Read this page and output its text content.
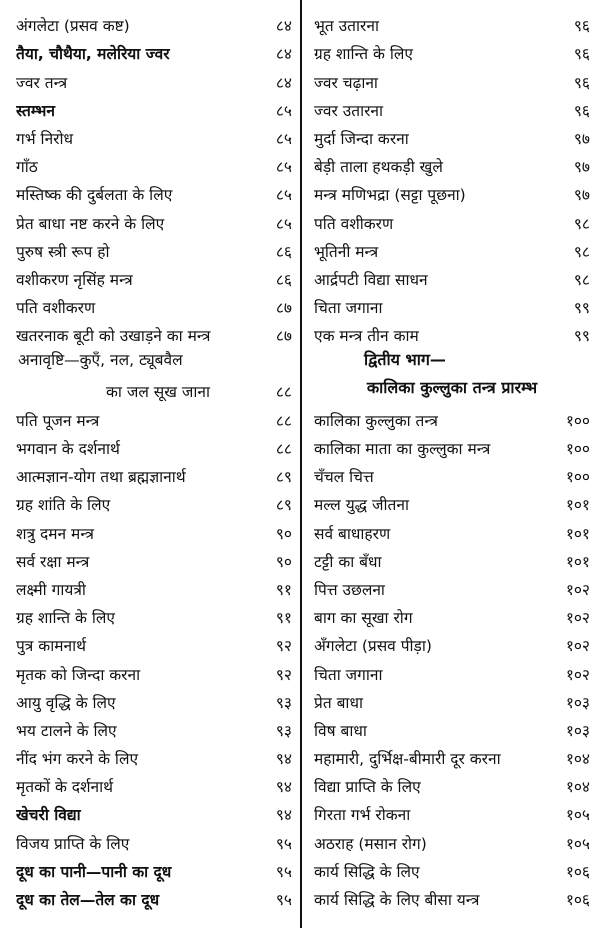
अंगलेटा (प्रसव कष्ट)	८४
तैया, चौथैया, मलेरिया ज्वर	८४
ज्वर तन्त्र	८४
स्तम्भन	८५
गर्भ निरोध	८५
गाँठ	८५
मस्तिष्क की दुर्बलता के लिए	८५
प्रेत बाधा नष्ट करने के लिए	८५
पुरुष स्त्री रूप हो	८६
वशीकरण नृसिंह मन्त्र	८६
पति वशीकरण	८७
खतरनाक बूटी को उखाड़ने का मन्त्र	८७
अनावृष्टि—कुएँ, नल, ट्यूबवैल
का जल सूख जाना	८८
पति पूजन मन्त्र	८८
भगवान के दर्शनार्थ	८८
आत्मज्ञान-योग तथा ब्रह्मज्ञानार्थ	८९
ग्रह शांति के लिए	८९
शत्रु दमन मन्त्र	९०
सर्व रक्षा मन्त्र	९०
लक्ष्मी गायत्री	९१
ग्रह शान्ति के लिए	९१
पुत्र कामनार्थ	९२
मृतक को जिन्दा करना	९२
आयु वृद्धि के लिए	९३
भय टालने के लिए	९३
नींद भंग करने के लिए	९४
मृतकों के दर्शनार्थ	९४
खेचरी विद्या	९४
विजय प्राप्ति के लिए	९५
दूध का पानी—पानी का दूध	९५
दूध का तेल—तेल का दूध	९५
भूत उतारना	९६
ग्रह शान्ति के लिए	९६
ज्वर चढ़ाना	९६
ज्वर उतारना	९६
मुर्दा जिन्दा करना	९७
बेड़ी ताला हथकड़ी खुले	९७
मन्त्र मणिभद्रा (सट्टा पूछना)	९७
पति वशीकरण	९८
भूतिनी मन्त्र	९८
आर्द्रपटी विद्या साधन	९८
चिता जगाना	९९
एक मन्त्र तीन काम	९९
द्वितीय भाग—
कालिका कुल्लुका तन्त्र प्रारम्भ
कालिका कुल्लुका तन्त्र	१००
कालिका माता का कुल्लुका मन्त्र	१००
चँचल चित्त	१००
मल्ल युद्ध जीतना	१०१
सर्व बाधाहरण	१०१
टट्टी का बँधा	१०१
पित्त उछलना	१०२
बाग का सूखा रोग	१०२
अँगलेटा (प्रसव पीड़ा)	१०२
चिता जगाना	१०२
प्रेत बाधा	१०३
विष बाधा	१०३
महामारी, दुर्भिक्ष-बीमारी दूर करना	१०४
विद्या प्राप्ति के लिए	१०४
गिरता गर्भ रोकना	१०५
अठराह (मसान रोग)	१०५
कार्य सिद्धि के लिए	१०६
कार्य सिद्धि के लिए बीसा यन्त्र	१०६
